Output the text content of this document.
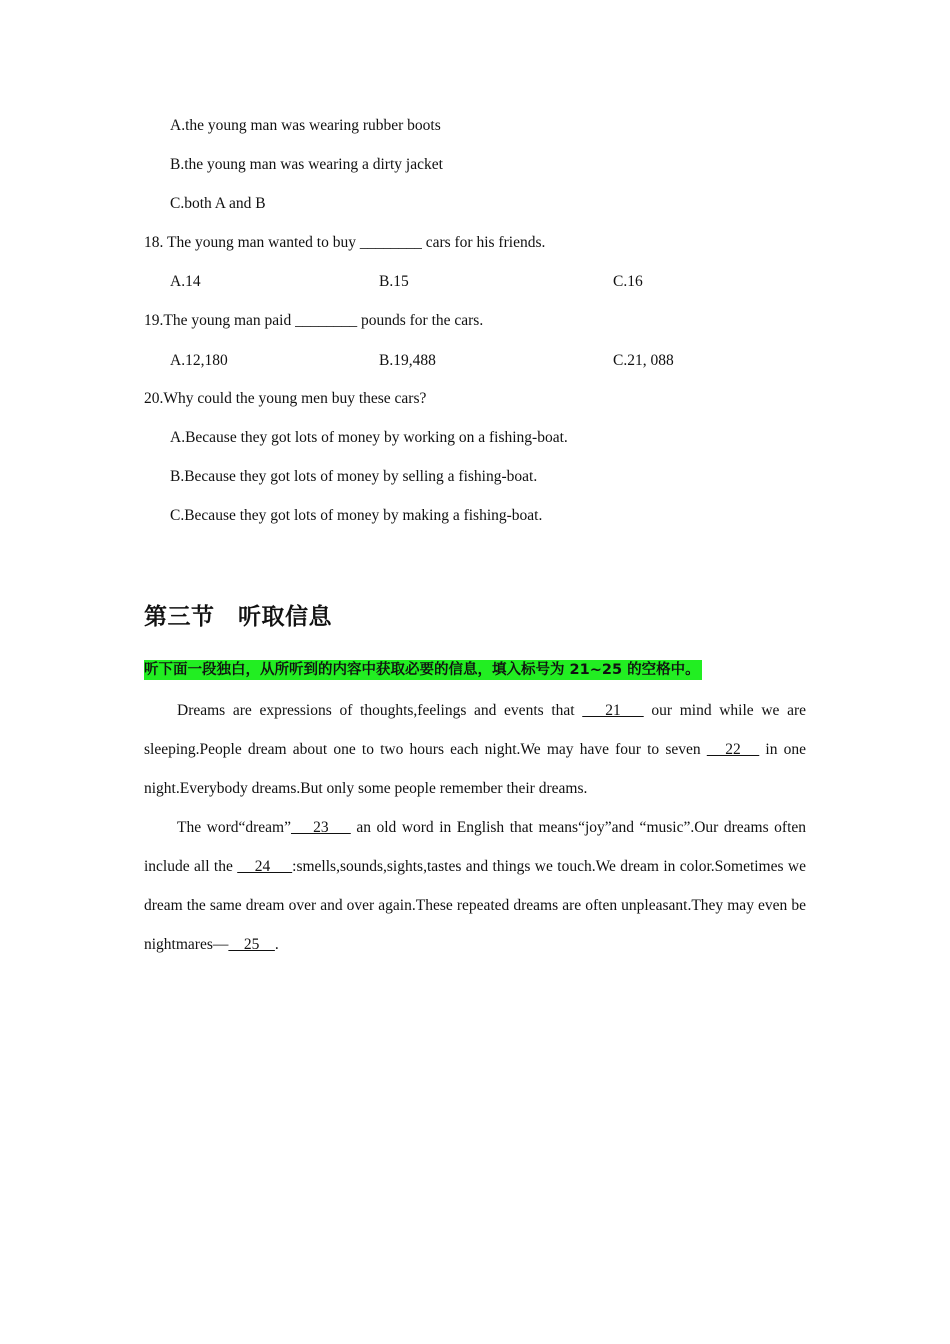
A.the young man was wearing rubber boots
B.the young man was wearing a dirty jacket
C.both A and B
18. The young man wanted to buy ________ cars for his friends.
A.14	B.15	C.16
19.The young man paid ________ pounds for the cars.
A.12,180	B.19,488	C.21, 088
20.Why could the young men buy these cars?
A.Because they got lots of money by working on a fishing-boat.
B.Because they got lots of money by selling a fishing-boat.
C.Because they got lots of money by making a fishing-boat.
第三节　听取信息
听下面一段独白，从所听到的内容中获取必要的信息，填入标号为 21~25 的空格中。
Dreams are expressions of thoughts,feelings and events that    21    our mind while we are sleeping.People dream about one to two hours each night.We may have four to seven    22    in one night.Everybody dreams.But only some people remember their dreams.
The word“dream”    23     an old word in English that means“joy”and “music”.Our dreams often include all the     24     :smells,sounds,sights,tastes and things we touch.We dream in color.Sometimes we dream the same dream over and over again.These repeated dreams are often unpleasant.They may even be nightmares—    25    .
